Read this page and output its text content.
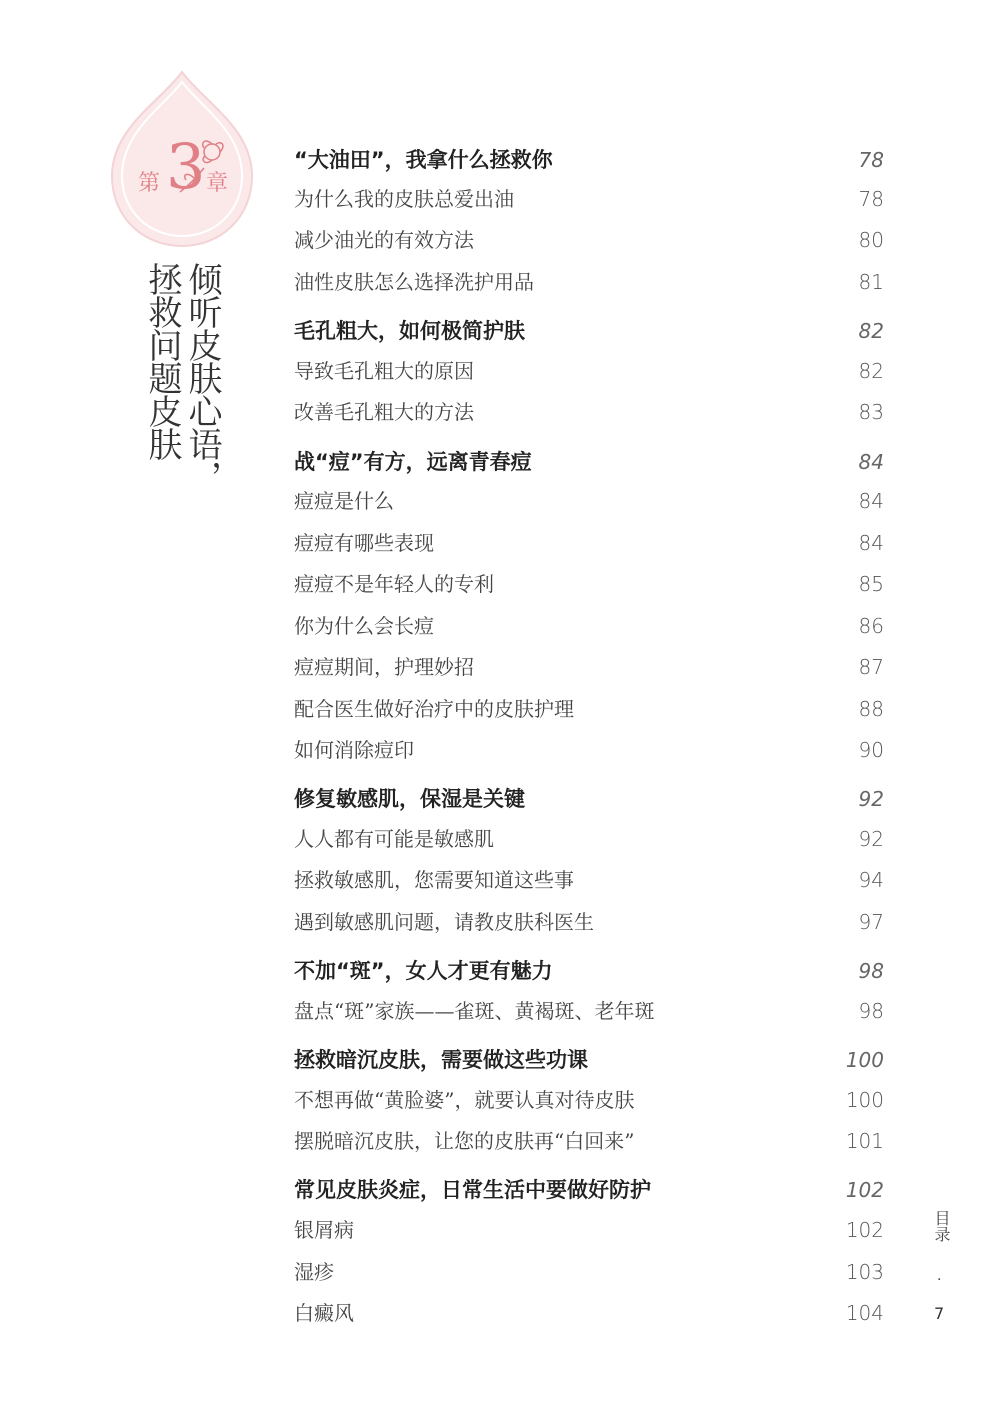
第 3 章
倾听皮肤心语，
拯救问题皮肤
“大油田”，我拿什么拯救你	78
为什么我的皮肤总爱出油	78
减少油光的有效方法	80
油性皮肤怎么选择洗护用品	81
毛孔粗大，如何极简护肤	82
导致毛孔粗大的原因	82
改善毛孔粗大的方法	83
战“痘”有方，远离青春痘	84
痘痘是什么	84
痘痘有哪些表现	84
痘痘不是年轻人的专利	85
你为什么会长痘	86
痘痘期间，护理妙招	87
配合医生做好治疗中的皮肤护理	88
如何消除痘印	90
修复敏感肌，保湿是关键	92
人人都有可能是敏感肌	92
拯救敏感肌，您需要知道这些事	94
遇到敏感肌问题，请教皮肤科医生	97
不加“斑”，女人才更有魅力	98
盘点“斑”家族——雀斑、黄褐斑、老年斑	98
拯救暗沉皮肤，需要做这些功课	100
不想再做“黄脸婆”，就要认真对待皮肤	100
摆脱暗沉皮肤，让您的皮肤再“白回来”	101
常见皮肤炎症，日常生活中要做好防护	102
银屑病	102
湿疹	103
白癜风	104
目录
·
7
